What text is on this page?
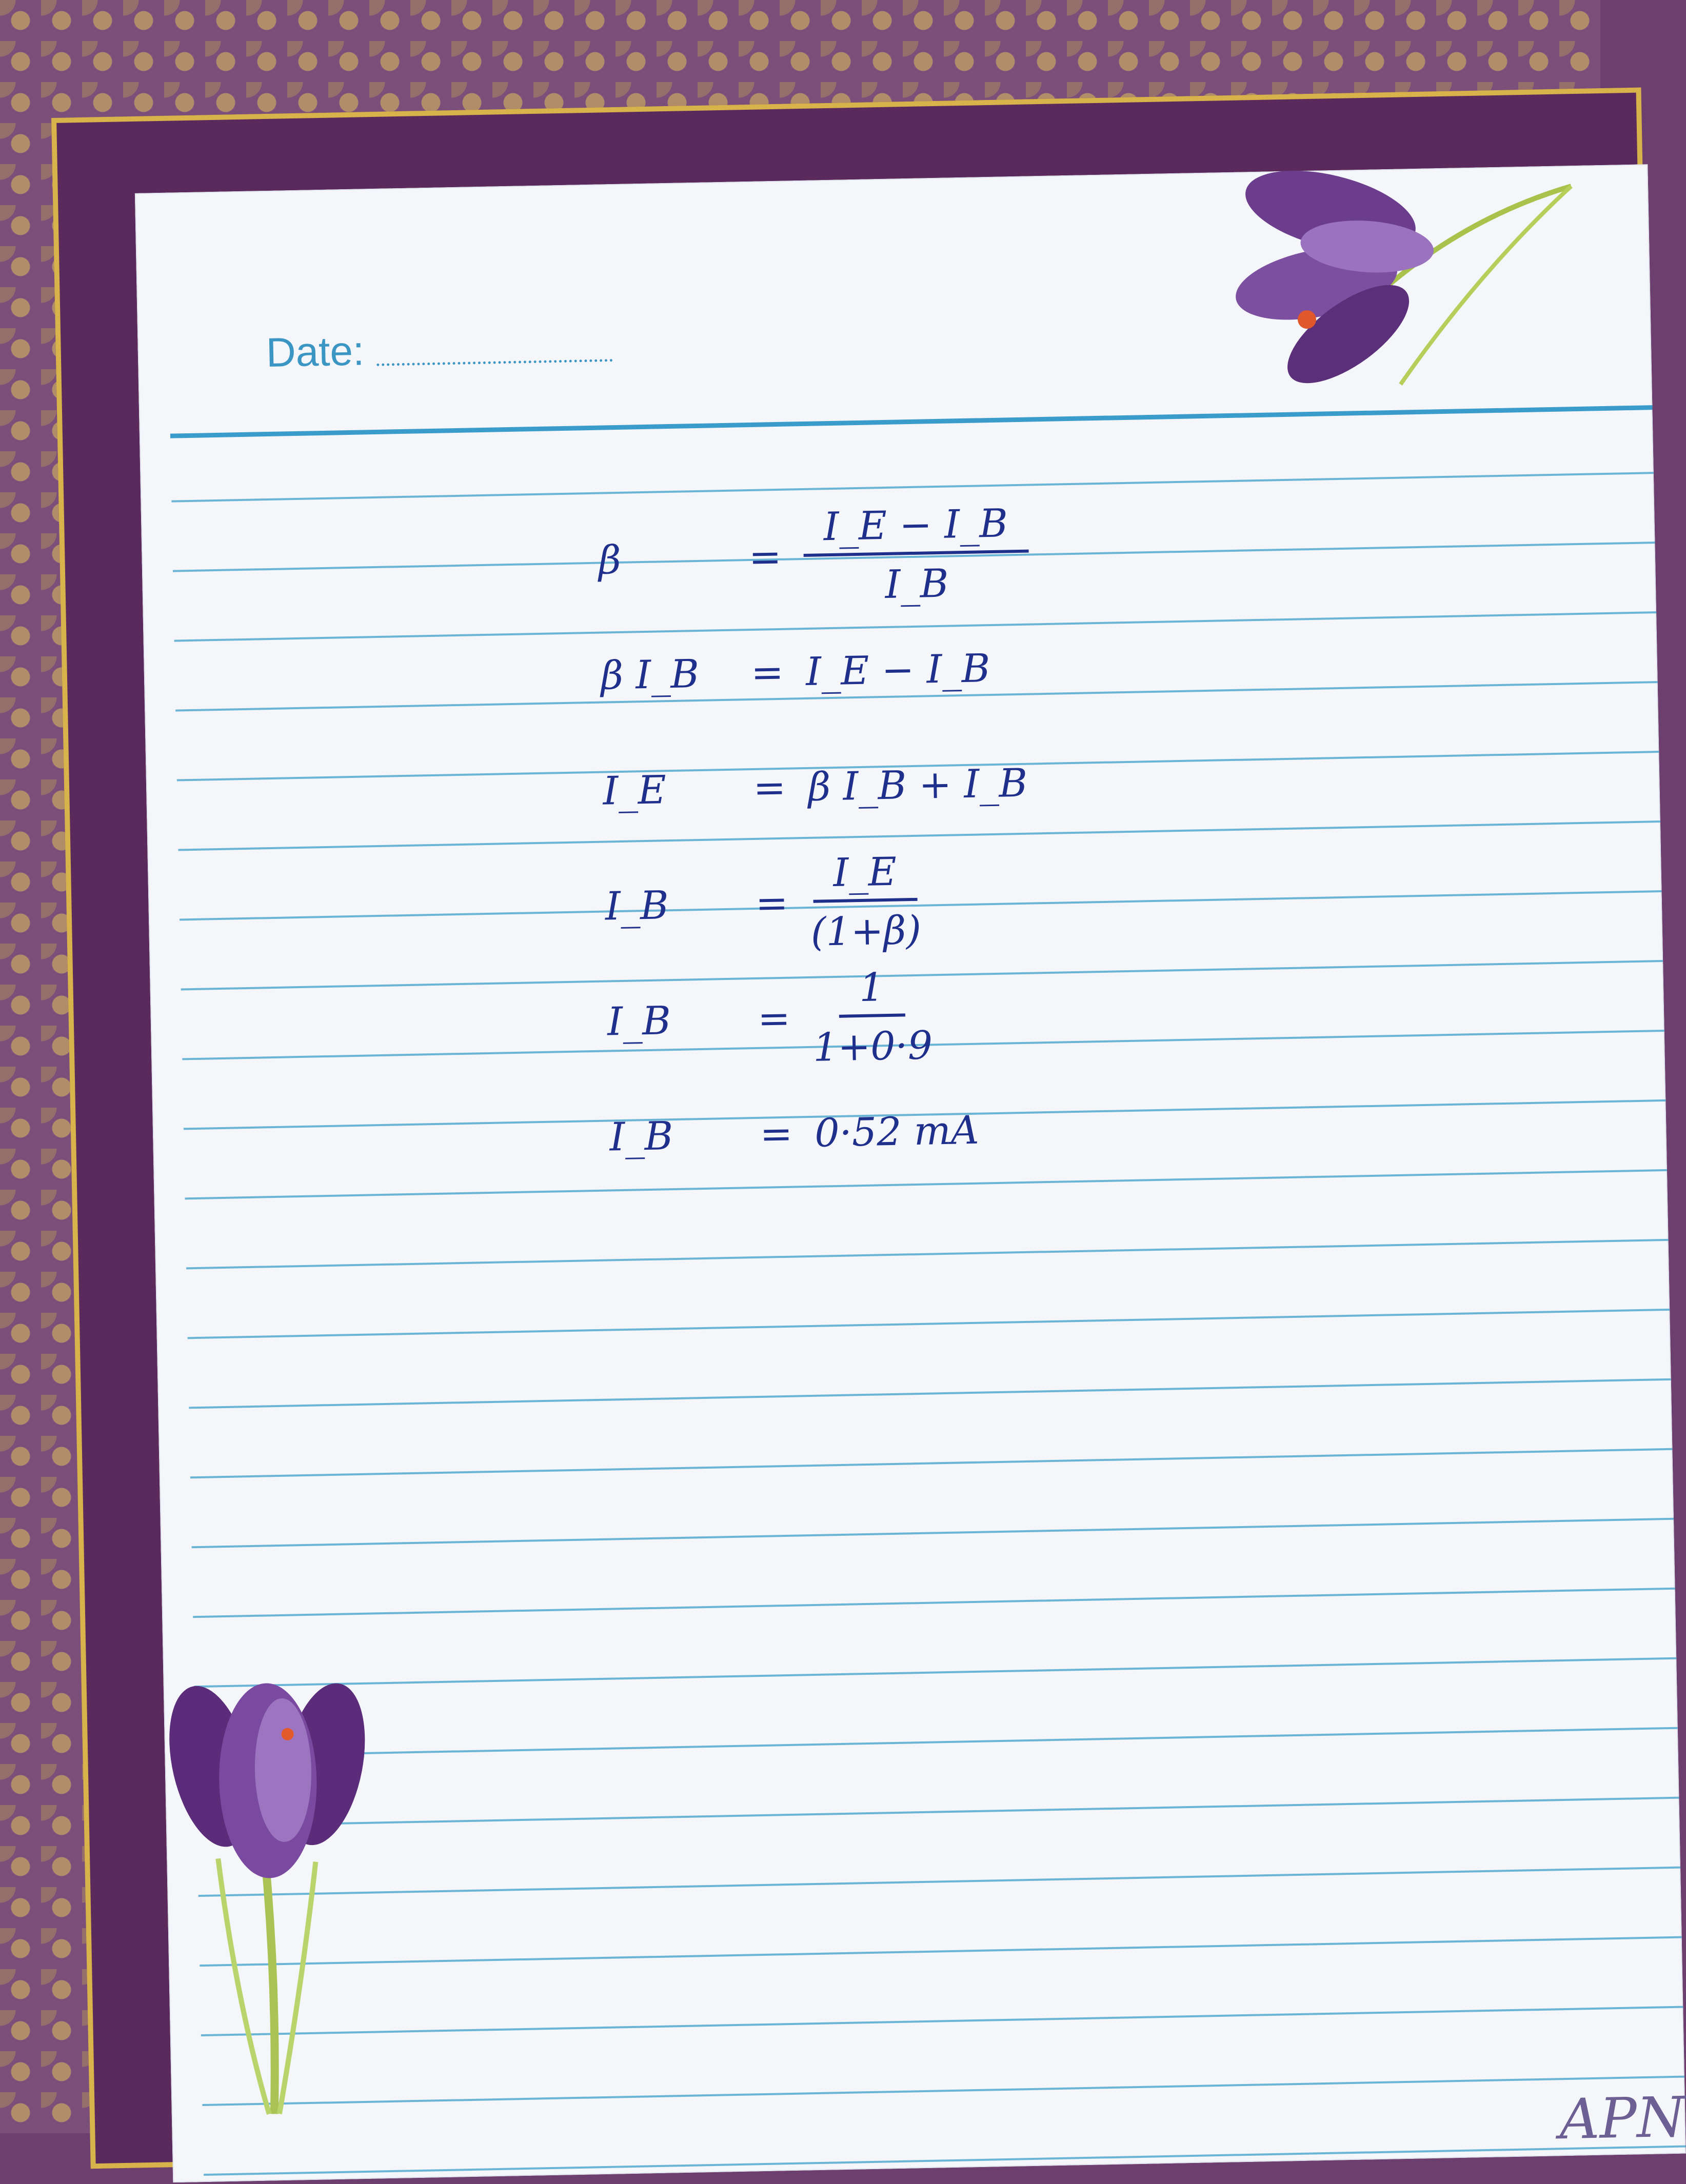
Date:
β	= $\frac{I\_E - I\_B}{I\_B}$
β I_B	= I_E − I_B
I_E	= β I_B + I_B
I_B	= $\frac{I\_E}{(1+\beta)}$
I_B	= $\frac{1}{1+0\cdot 9}$
I_B	= 0·52 mA
APN
